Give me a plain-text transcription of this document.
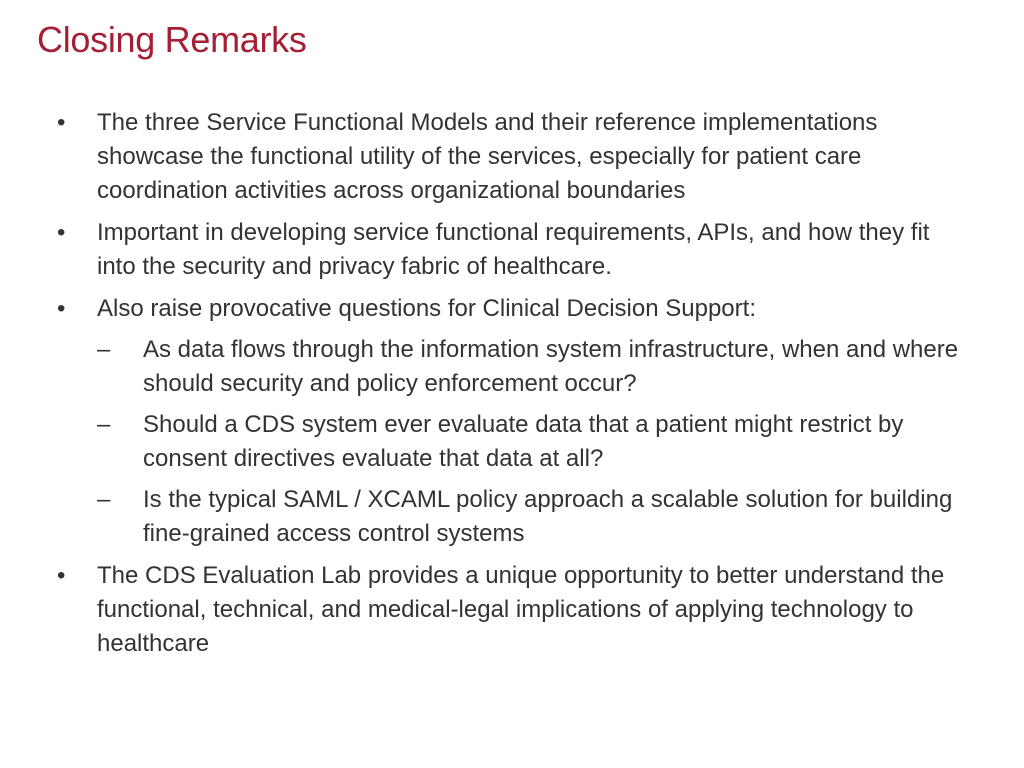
Closing Remarks
• The three Service Functional Models and their reference implementations showcase the functional utility of the services, especially for patient care coordination activities across organizational boundaries
• Important in developing service functional requirements, APIs, and how they fit into the security and privacy fabric of healthcare.
• Also raise provocative questions for Clinical Decision Support:
– As data flows through the information system infrastructure, when and where should security and policy enforcement occur?
– Should a CDS system ever evaluate data that a patient might restrict by consent directives evaluate that data at all?
– Is the typical SAML / XCAML policy approach a scalable solution for building fine-grained access control systems
• The CDS Evaluation Lab provides a unique opportunity to better understand the functional, technical, and medical-legal implications of applying technology to healthcare
